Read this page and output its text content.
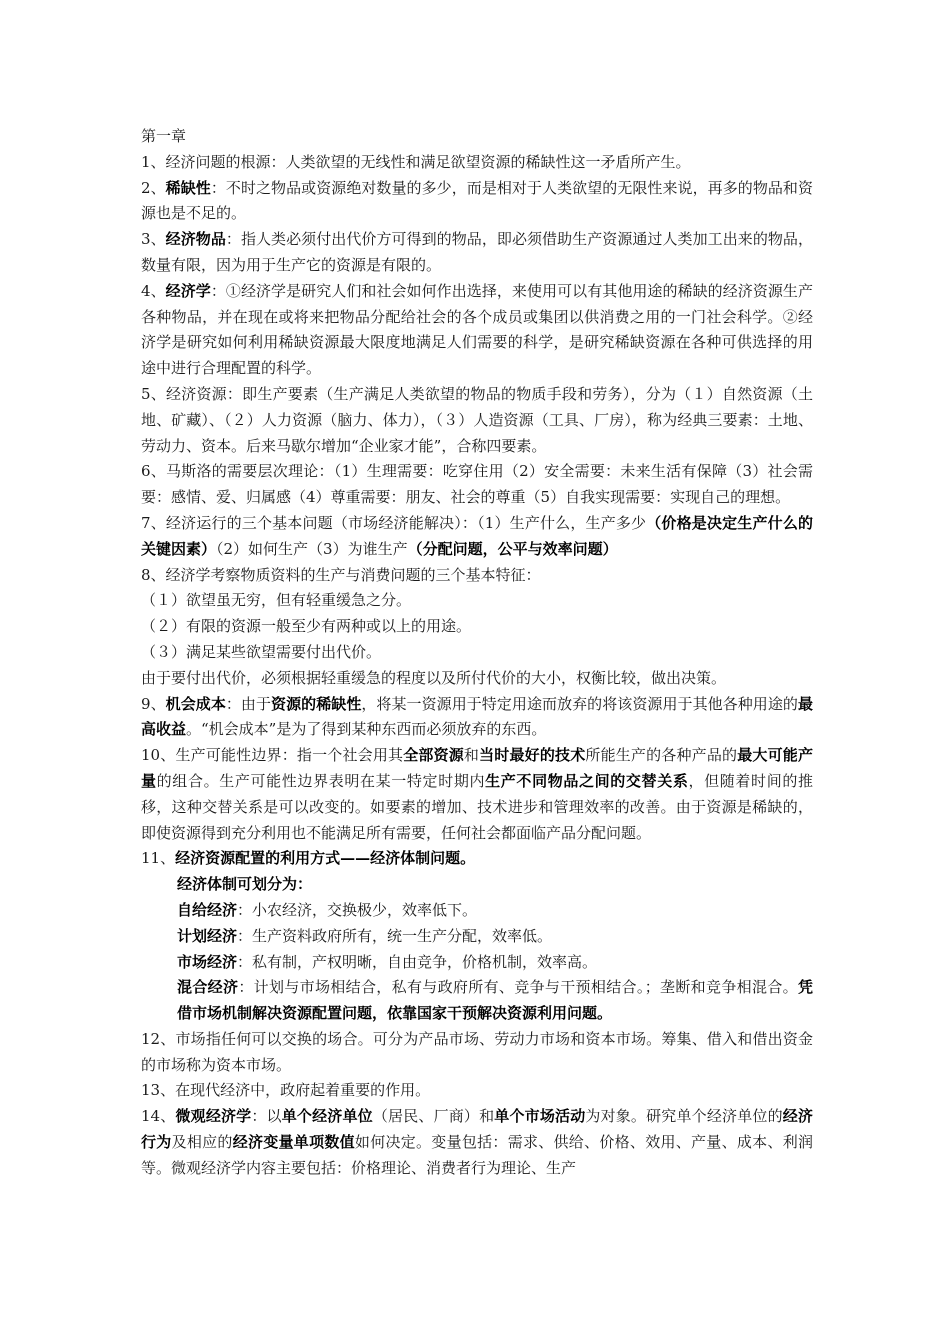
第一章

1、经济问题的根源：人类欲望的无线性和满足欲望资源的稀缺性这一矛盾所产生。

2、稀缺性：不时之物品或资源绝对数量的多少，而是相对于人类欲望的无限性来说，再多的物品和资源也是不足的。

3、经济物品：指人类必须付出代价方可得到的物品，即必须借助生产资源通过人类加工出来的物品，数量有限，因为用于生产它的资源是有限的。

4、经济学：①经济学是研究人们和社会如何作出选择，来使用可以有其他用途的稀缺的经济资源生产各种物品，并在现在或将来把物品分配给社会的各个成员或集团以供消费之用的一门社会科学。②经济学是研究如何利用稀缺资源最大限度地满足人们需要的科学，是研究稀缺资源在各种可供选择的用途中进行合理配置的科学。

5、经济资源：即生产要素（生产满足人类欲望的物品的物质手段和劳务），分为（１）自然资源（土地、矿藏）、（２）人力资源（脑力、体力），（３）人造资源（工具、厂房），称为经典三要素：土地、劳动力、资本。后来马歇尔增加“企业家才能”，合称四要素。

6、马斯洛的需要层次理论：（1）生理需要：吃穿住用（2）安全需要：未来生活有保障（3）社会需要：感情、爱、归属感（4）尊重需要：朋友、社会的尊重（5）自我实现需要：实现自己的理想。

7、经济运行的三个基本问题（市场经济能解决）：（1）生产什么，生产多少（价格是决定生产什么的关键因素）（2）如何生产（3）为谁生产（分配问题，公平与效率问题）

8、经济学考察物质资料的生产与消费问题的三个基本特征：

（１）欲望虽无穷，但有轻重缓急之分。

（２）有限的资源一般至少有两种或以上的用途。

（３）满足某些欲望需要付出代价。

由于要付出代价，必须根据轻重缓急的程度以及所付代价的大小，权衡比较，做出决策。

9、机会成本：由于资源的稀缺性，将某一资源用于特定用途而放弃的将该资源用于其他各种用途的最高收益。“机会成本”是为了得到某种东西而必须放弃的东西。

10、生产可能性边界：指一个社会用其全部资源和当时最好的技术所能生产的各种产品的最大可能产量的组合。生产可能性边界表明在某一特定时期内生产不同物品之间的交替关系，但随着时间的推移，这种交替关系是可以改变的。如要素的增加、技术进步和管理效率的改善。由于资源是稀缺的，即使资源得到充分利用也不能满足所有需要，任何社会都面临产品分配问题。

11、经济资源配置的利用方式——经济体制问题。

经济体制可划分为：

自给经济：小农经济，交换极少，效率低下。

计划经济：生产资料政府所有，统一生产分配，效率低。

市场经济：私有制，产权明晰，自由竞争，价格机制，效率高。

混合经济：计划与市场相结合，私有与政府所有、竞争与干预相结合。；垄断和竞争相混合。凭借市场机制解决资源配置问题，依靠国家干预解决资源利用问题。

12、市场指任何可以交换的场合。可分为产品市场、劳动力市场和资本市场。筹集、借入和借出资金的市场称为资本市场。

13、在现代经济中，政府起着重要的作用。

14、微观经济学：以单个经济单位（居民、厂商）和单个市场活动为对象。研究单个经济单位的经济行为及相应的经济变量单项数值如何决定。变量包括：需求、供给、价格、效用、产量、成本、利润等。微观经济学内容主要包括：价格理论、消费者行为理论、生产
